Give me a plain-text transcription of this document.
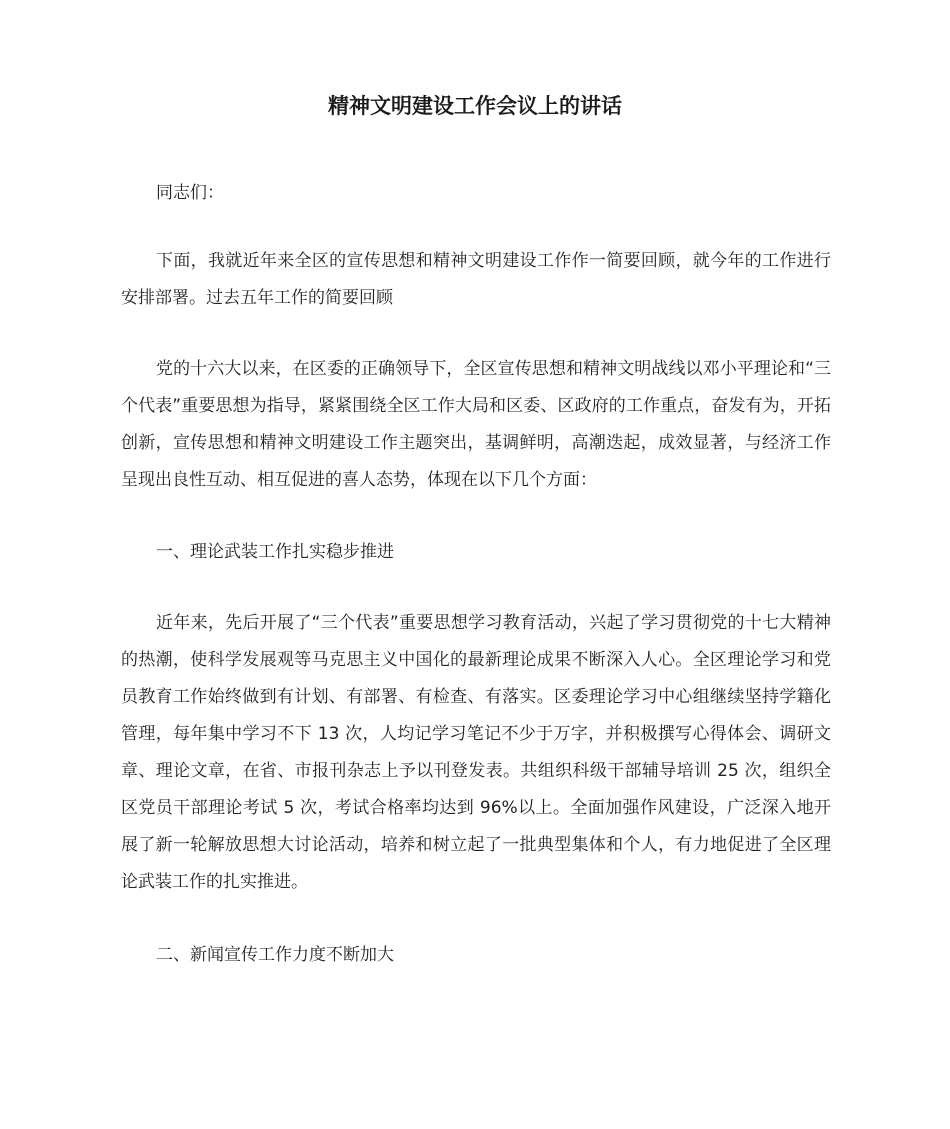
精神文明建设工作会议上的讲话

同志们：

下面，我就近年来全区的宣传思想和精神文明建设工作作一简要回顾，就今年的工作进行安排部署。过去五年工作的简要回顾

党的十六大以来，在区委的正确领导下，全区宣传思想和精神文明战线以邓小平理论和“三个代表”重要思想为指导，紧紧围绕全区工作大局和区委、区政府的工作重点，奋发有为，开拓创新，宣传思想和精神文明建设工作主题突出，基调鲜明，高潮迭起，成效显著，与经济工作呈现出良性互动、相互促进的喜人态势，体现在以下几个方面：

一、理论武装工作扎实稳步推进

近年来，先后开展了“三个代表”重要思想学习教育活动，兴起了学习贯彻党的十七大精神的热潮，使科学发展观等马克思主义中国化的最新理论成果不断深入人心。全区理论学习和党员教育工作始终做到有计划、有部署、有检查、有落实。区委理论学习中心组继续坚持学籍化管理，每年集中学习不下 13 次，人均记学习笔记不少于万字，并积极撰写心得体会、调研文章、理论文章，在省、市报刊杂志上予以刊登发表。共组织科级干部辅导培训 25 次，组织全区党员干部理论考试 5 次，考试合格率均达到 96%以上。全面加强作风建设，广泛深入地开展了新一轮解放思想大讨论活动，培养和树立起了一批典型集体和个人，有力地促进了全区理论武装工作的扎实推进。

二、新闻宣传工作力度不断加大
